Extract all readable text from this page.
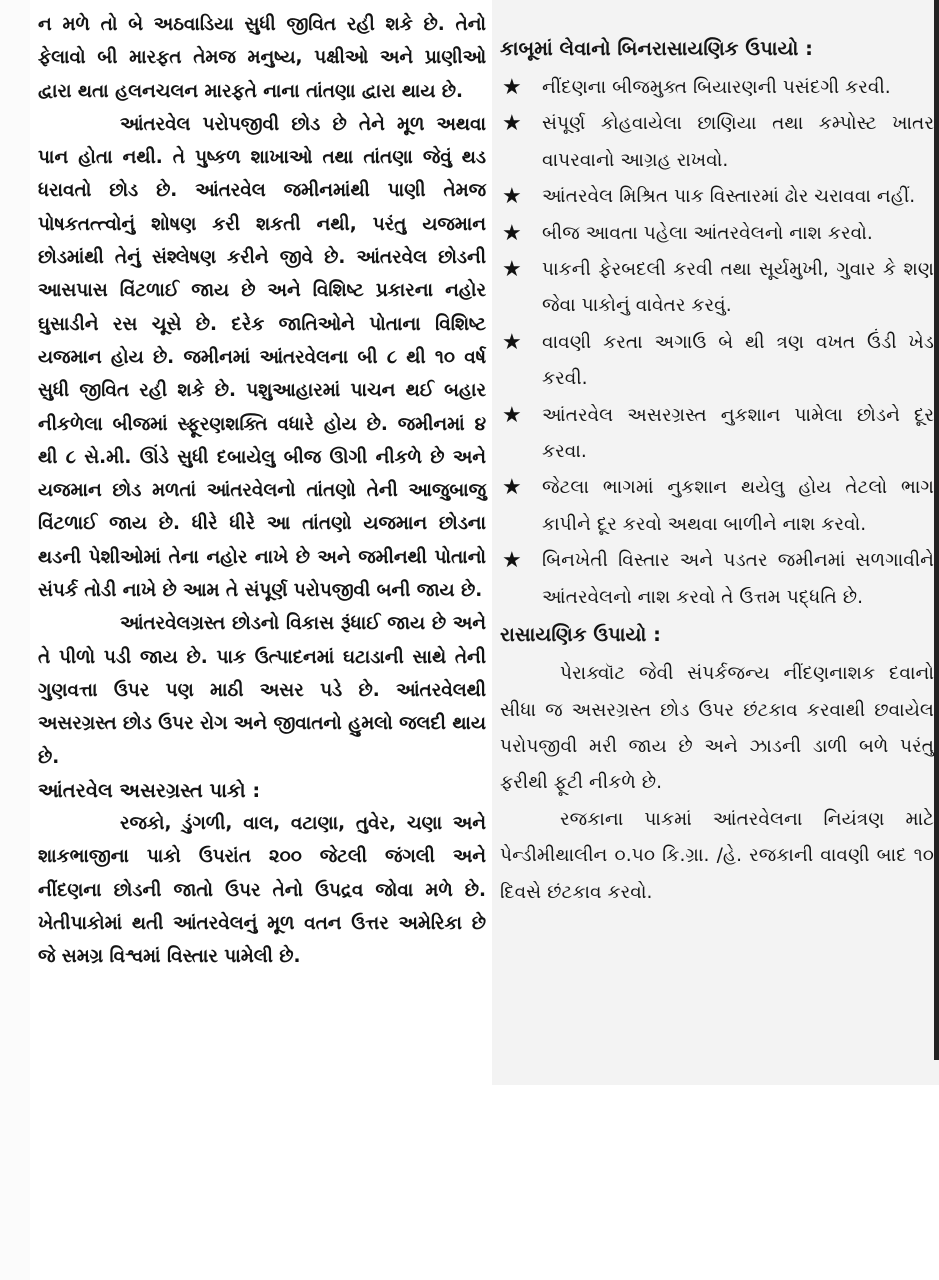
ન મળે તો બે અઠવાડિયા સુધી જીવિત રહી શકે છે. તેનો ફેલાવો બી મારફત તેમજ મનુષ્ય, પક્ષીઓ અને પ્રાણીઓ દ્વારા થતા હલનચલન મારફતે નાના તાંતણા દ્વારા થાય છે.

આંતરવેલ પરોપજીવી છોડ છે તેને મૂળ અથવા પાન હોતા નથી. તે પુષ્કળ શાખાઓ તથા તાંતણા જેવું થડ ધરાવતો છોડ છે. આંતરવેલ જમીનમાંથી પાણી તેમજ પોષકતત્ત્વોનું શોષણ કરી શકતી નથી, પરંતુ યજમાન છોડમાંથી તેનું સંશ્લેષણ કરીને જીવે છે. આંતરવેલ છોડની આસપાસ વિંટળાઈ જાય છે અને વિશિષ્ટ પ્રકારના નહોર ઘુસાડીને રસ ચૂસે છે. દરેક જાતિઓને પોતાના વિશિષ્ટ યજમાન હોય છે. જમીનમાં આંતરવેલના બી ૮ થી ૧૦ વર્ષ સુધી જીવિત રહી શકે છે. પશુઆહારમાં પાચન થઈ બહાર નીકળેલા બીજમાં સ્ફૂરણશક્તિ વધારે હોય છે. જમીનમાં ૪ થી ૮ સે.મી. ઊંડે સુધી દબાયેલુ બીજ ઊગી નીકળે છે અને યજમાન છોડ મળતાં આંતરવેલનો તાંતણો તેની આજુબાજુ વિંટળાઈ જાય છે. ધીરે ધીરે આ તાંતણો યજમાન છોડના થડની પેશીઓમાં તેના નહોર નાખે છે અને જમીનથી પોતાનો સંપર્ક તોડી નાખે છે આમ તે સંપૂર્ણ પરોપજીવી બની જાય છે.

આંતરવેલગ્રસ્ત છોડનો વિકાસ રૂંધાઈ જાય છે અને તે પીળો પડી જાય છે. પાક ઉત્પાદનમાં ઘટાડાની સાથે તેની ગુણવત્તા ઉપર પણ માઠી અસર પડે છે. આંતરવેલથી અસરગ્રસ્ત છોડ ઉપર રોગ અને જીવાતનો હુમલો જલદી થાય છે.

આંતરવેલ અસરગ્રસ્ત પાકો :

રજકો, ડુંગળી, વાલ, વટાણા, તુવેર, ચણા અને શાકભાજીના પાકો ઉપરાંત ૨૦૦ જેટલી જંગલી અને નીંદણના છોડની જાતો ઉપર તેનો ઉપદ્રવ જોવા મળે છે. ખેતીપાકોમાં થતી આંતરવેલનું મૂળ વતન ઉત્તર અમેરિકા છે જે સમગ્ર વિશ્વમાં વિસ્તાર પામેલી છે.

કાબૂમાં લેવાનો બિનરાસાયણિક ઉપાયો :
★ નીંદણના બીજમુક્ત બિયારણની પસંદગી કરવી.
★ સંપૂર્ણ કોહવાયેલા છાણિયા તથા કમ્પોસ્ટ ખાતર વાપરવાનો આગ્રહ રાખવો.
★ આંતરવેલ મિશ્રિત પાક વિસ્તારમાં ઢોર ચરાવવા નહીં.
★ બીજ આવતા પહેલા આંતરવેલનો નાશ કરવો.
★ પાકની ફેરબદલી કરવી તથા સૂર્યમુખી, ગુવાર કે શણ જેવા પાકોનું વાવેતર કરવું.
★ વાવણી કરતા અગાઉ બે થી ત્રણ વખત ઉંડી ખેડ કરવી.
★ આંતરવેલ અસરગ્રસ્ત નુકશાન પામેલા છોડને દૂર કરવા.
★ જેટલા ભાગમાં નુકશાન થયેલુ હોય તેટલો ભાગ કાપીને દૂર કરવો અથવા બાળીને નાશ કરવો.
★ બિનખેતી વિસ્તાર અને પડતર જમીનમાં સળગાવીને આંતરવેલનો નાશ કરવો તે ઉત્તમ પદ્ધતિ છે.
રાસાયણિક ઉપાયો :

પેરાક્વૉટ જેવી સંપર્કજન્ય નીંદણનાશક દવાનો સીધા જ અસરગ્રસ્ત છોડ ઉપર છંટકાવ કરવાથી છવાયેલ પરોપજીવી મરી જાય છે અને ઝાડની ડાળી બળે પરંતુ ફરીથી ફૂટી નીકળે છે.

રજકાના પાકમાં આંતરવેલના નિયંત્રણ માટે પેન્ડીમીથાલીન ૦.૫૦ કિ.ગ્રા. /હે. રજકાની વાવણી બાદ ૧૦ દિવસે છંટકાવ કરવો.
